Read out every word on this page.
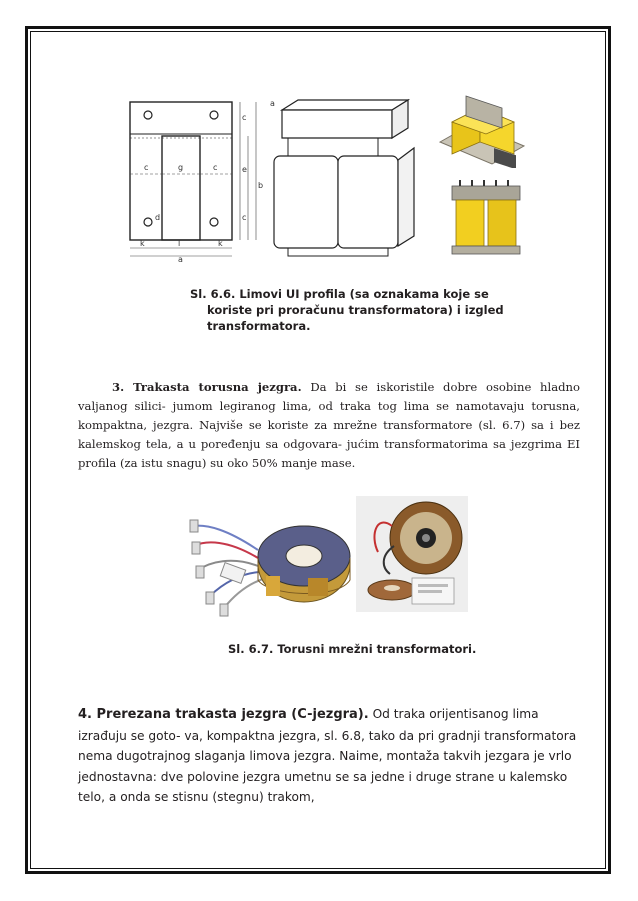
c	g	c
d
k	l	k
a
c
e
b
c
a
Sl. 6.6. Limovi UI profila (sa oznakama koje se
koriste pri proračunu transformatora) i izgled
transformatora.
3. Trakasta torusna jezgra. Da bi se iskoristile dobre osobine hladno valjanog silici- jumom legiranog lima, od traka tog lima se namotavaju torusna, kompaktna, jezgra. Najviše se koriste za mrežne transformatore (sl. 6.7) sa i bez kalemskog tela, a u poređenju sa odgovara- jućim transformatorima sa jezgrima EI profila (za istu snagu) su oko 50% manje mase.
Sl. 6.7. Torusni mrežni transformatori.
4. Prerezana trakasta jezgra (C-jezgra). Od traka orijentisanog lima izrađuju se goto- va, kompaktna jezgra, sl. 6.8, tako da pri gradnji transformatora nema dugotrajnog slaganja limova jezgra. Naime, montaža takvih jezgara je vrlo jednostavna: dve polovine jezgra umetnu se sa jedne i druge strane u kalemsko telo, a onda se stisnu (stegnu) trakom,
